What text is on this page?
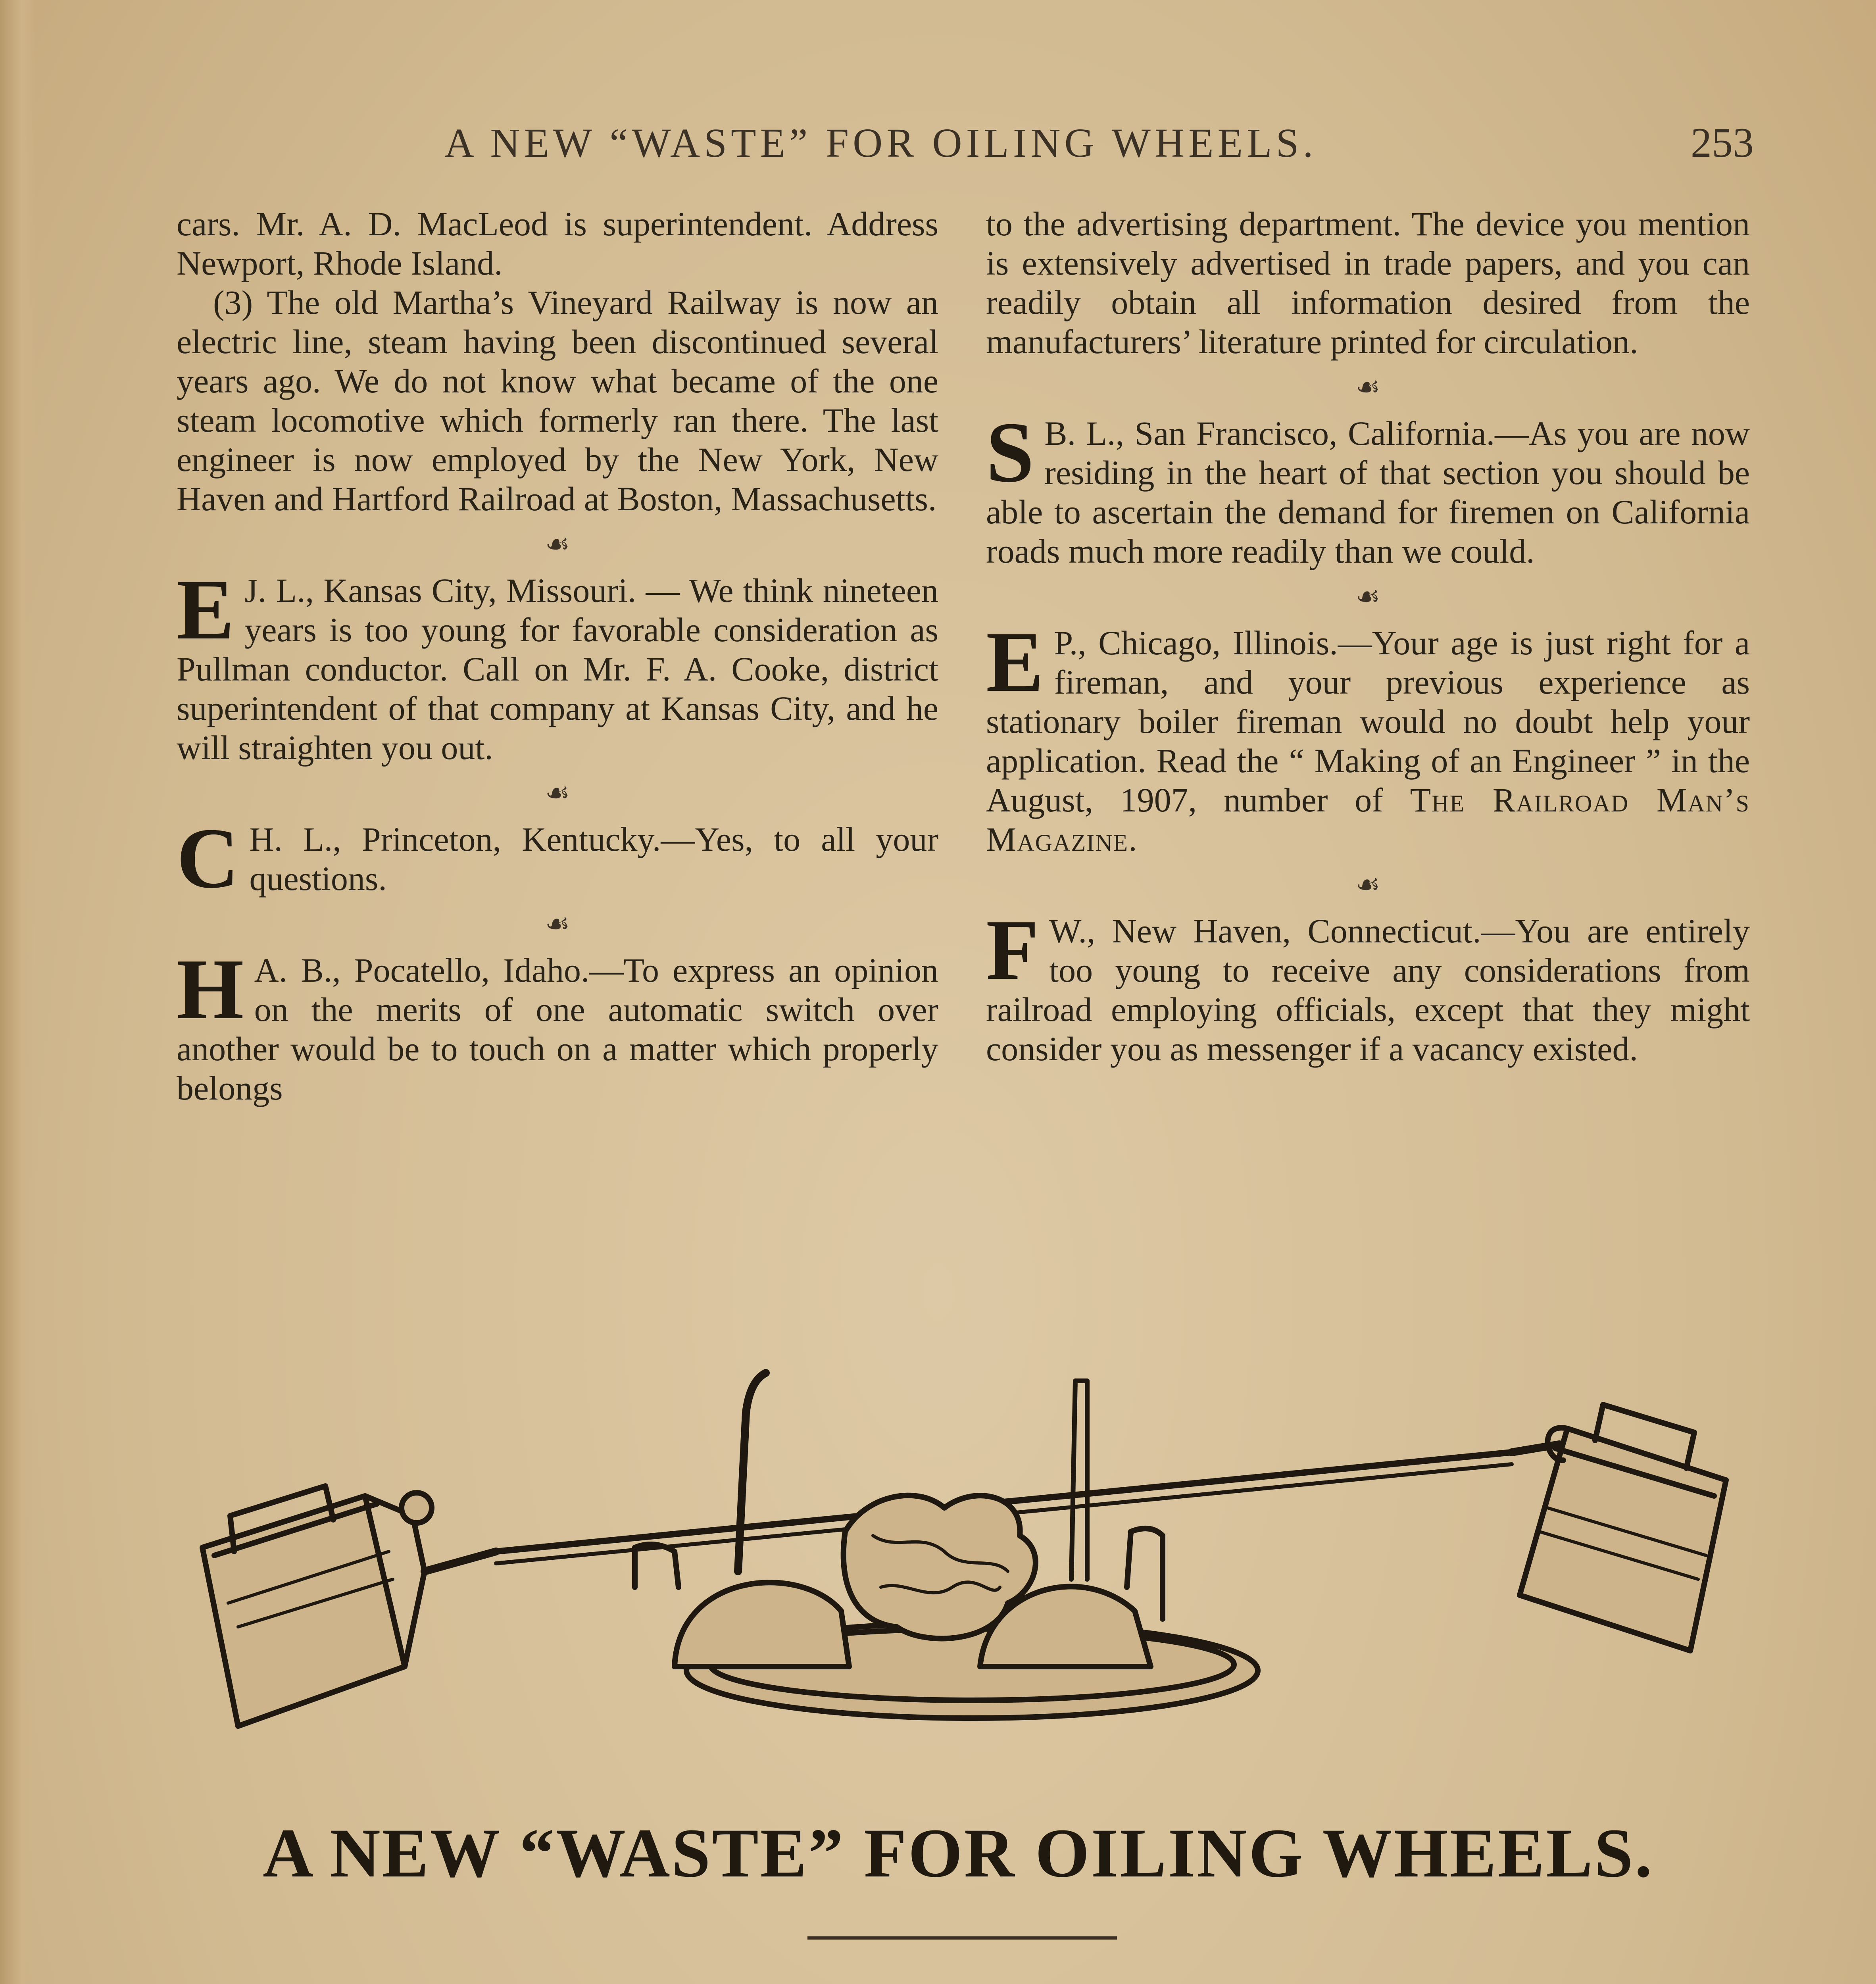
A NEW “WASTE” FOR OILING WHEELS.	253

cars. Mr. A. D. MacLeod is superintendent. Address Newport, Rhode Island.

(3) The old Martha’s Vineyard Railway is now an electric line, steam having been discontinued several years ago. We do not know what became of the one steam locomotive which formerly ran there. The last engineer is now employed by the New York, New Haven and Hartford Railroad at Boston, Massachusetts.

☙
E J. L., Kansas City, Missouri. — We think nineteen years is too young for favorable consideration as Pullman conductor. Call on Mr. F. A. Cooke, district superintendent of that company at Kansas City, and he will straighten you out.
☙
C H. L., Princeton, Kentucky.—Yes, to all your questions.
☙
H A. B., Pocatello, Idaho.—To express an opinion on the merits of one automatic switch over another would be to touch on a matter which properly belongs

to the advertising department. The device you mention is extensively advertised in trade papers, and you can readily obtain all information desired from the manufacturers’ literature printed for circulation.

☙
S B. L., San Francisco, California.—As you are now residing in the heart of that section you should be able to ascertain the demand for firemen on California roads much more readily than we could.
☙
E P., Chicago, Illinois.—Your age is just right for a fireman, and your previous experience as stationary boiler fireman would no doubt help your application. Read the “ Making of an Engineer ” in the August, 1907, number of The Railroad Man’s Magazine.
☙
F W., New Haven, Connecticut.—You are entirely too young to receive any considerations from railroad employing officials, except that they might consider you as messenger if a vacancy existed.
A NEW “WASTE” FOR OILING WHEELS.
